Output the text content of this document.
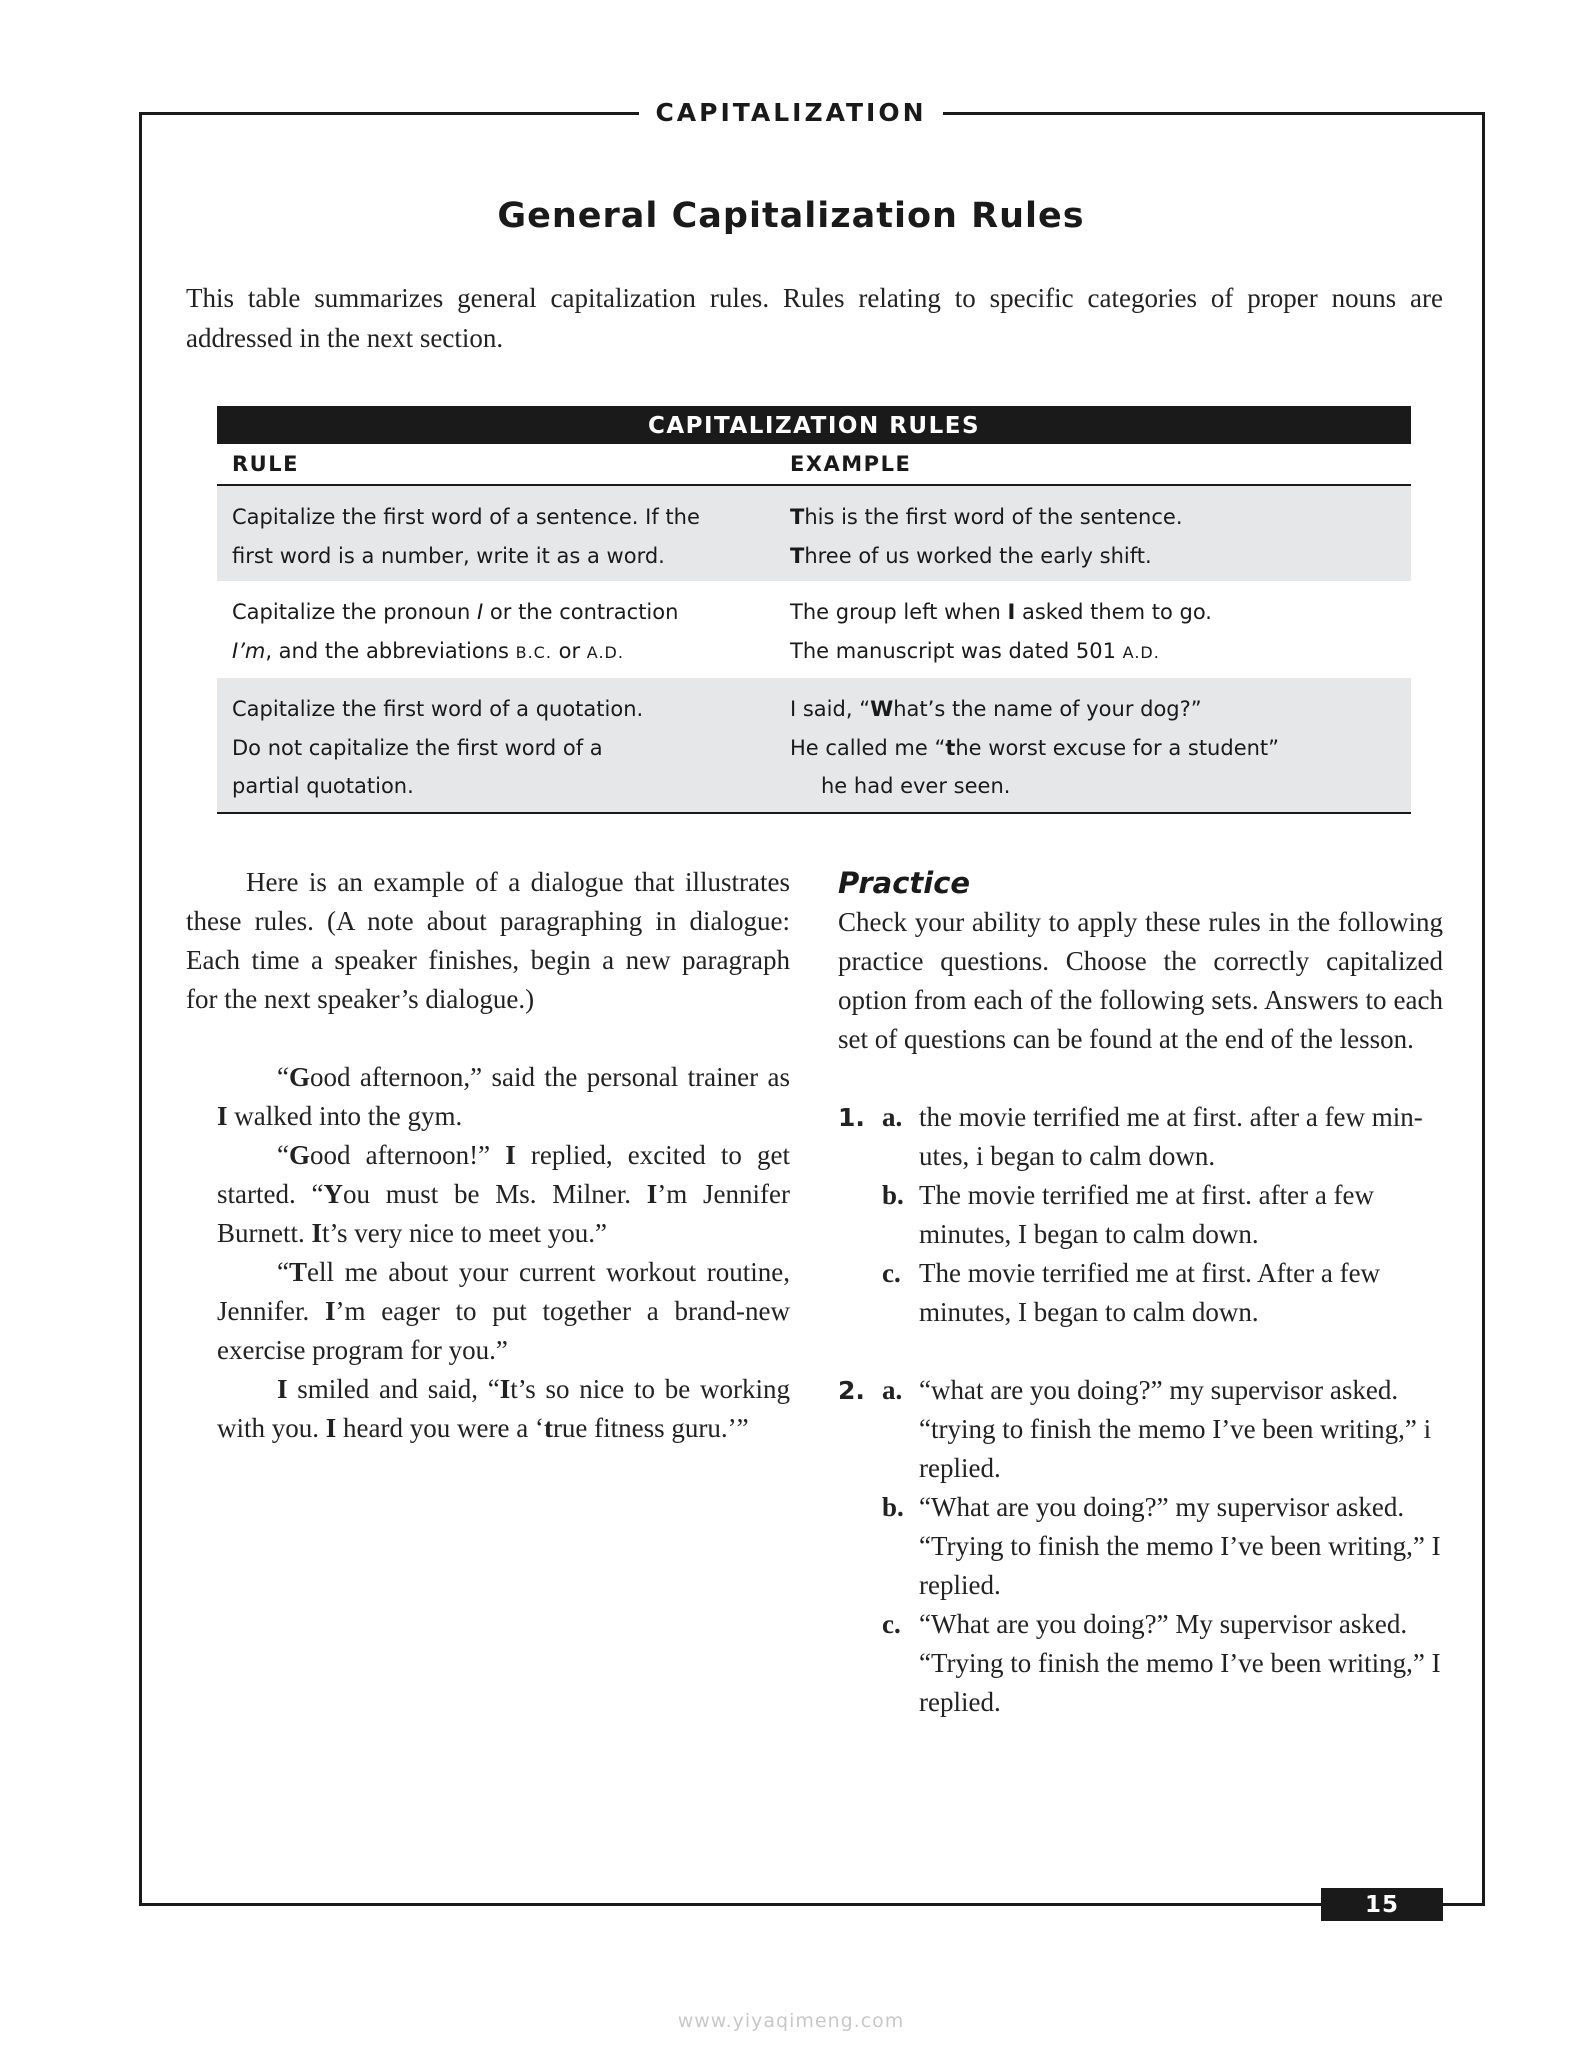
CAPITALIZATION
General Capitalization Rules
This table summarizes general capitalization rules. Rules relating to specific categories of proper nouns are addressed in the next section.
CAPITALIZATION RULES
RULE	EXAMPLE
Capitalize the first word of a sentence. If the
first word is a number, write it as a word.
This is the first word of the sentence.
Three of us worked the early shift.
Capitalize the pronoun I or the contraction
I’m, and the abbreviations B.C. or A.D.
The group left when I asked them to go.
The manuscript was dated 501 A.D.
Capitalize the first word of a quotation.
Do not capitalize the first word of a
partial quotation.
I said, “What’s the name of your dog?”
He called me “the worst excuse for a student”
he had ever seen.

Here is an example of a dialogue that illustrates these rules. (A note about paragraphing in dialogue: Each time a speaker finishes, begin a new paragraph for the next speaker’s dialogue.)

“Good afternoon,” said the personal trainer as I walked into the gym.

“Good afternoon!” I replied, excited to get started. “You must be Ms. Milner. I’m Jennifer Burnett. It’s very nice to meet you.”

“Tell me about your current workout routine, Jennifer. I’m eager to put together a brand-new exercise program for you.”

I smiled and said, “It’s so nice to be working with you. I heard you were a ‘true fitness guru.’”

Practice

Check your ability to apply these rules in the following practice questions. Choose the correctly capitalized option from each of the following sets. Answers to each set of questions can be found at the end of the lesson.

1. a. the movie terrified me at first. after a few min-utes, i began to calm down.
b. The movie terrified me at first. after a few minutes, I began to calm down.
c. The movie terrified me at first. After a few minutes, I began to calm down.
2. a. “what are you doing?” my supervisor asked. “trying to finish the memo I’ve been writing,” i replied.
b. “What are you doing?” my supervisor asked. “Trying to finish the memo I’ve been writing,” I replied.
c. “What are you doing?” My supervisor asked. “Trying to finish the memo I’ve been writing,” I replied.
15
www.yiyaqimeng.com
